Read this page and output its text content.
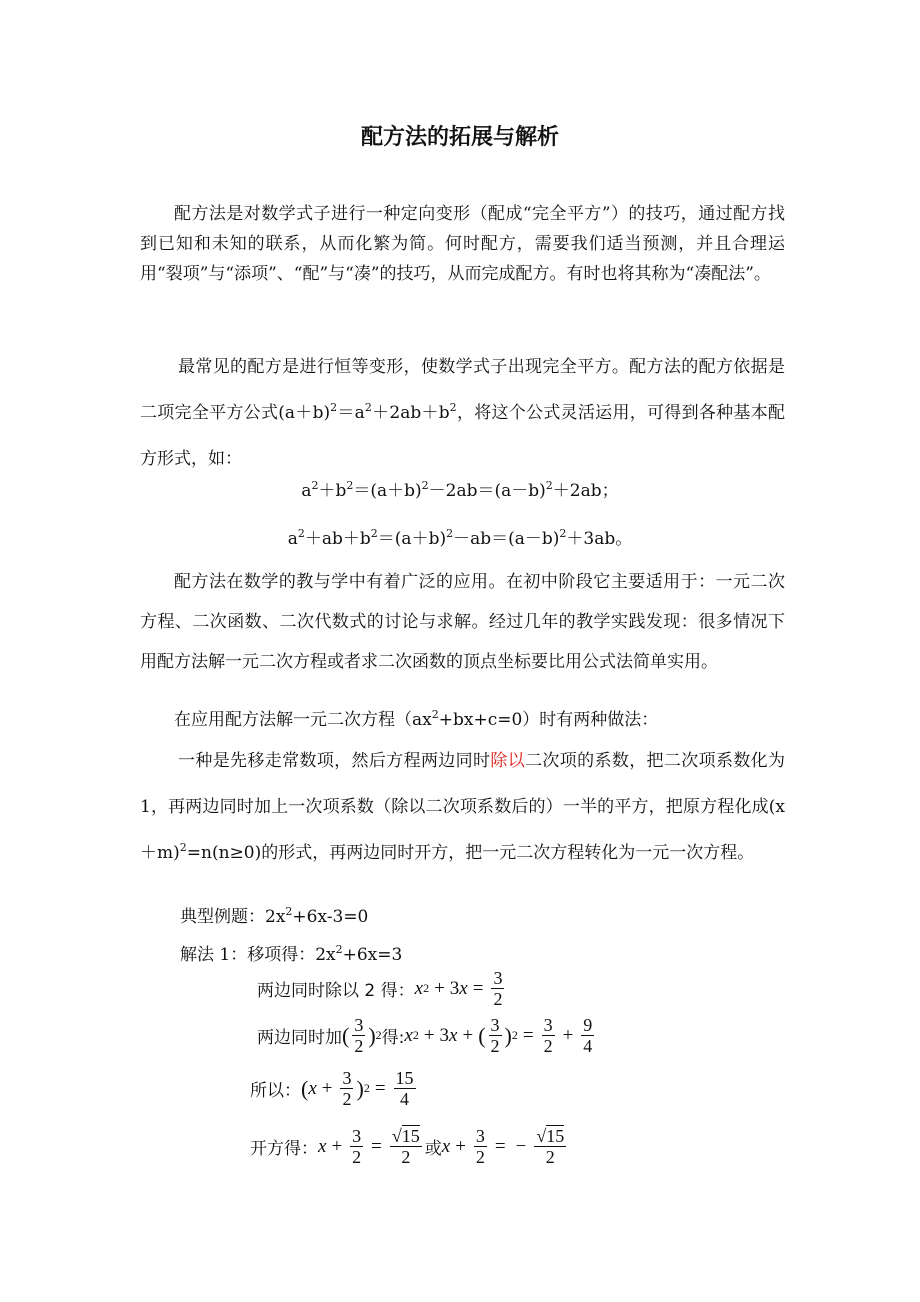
配方法的拓展与解析

配方法是对数学式子进行一种定向变形（配成“完全平方”）的技巧，通过配方找到已知和未知的联系，从而化繁为简。何时配方，需要我们适当预测，并且合理运用“裂项”与“添项”、“配”与“凑”的技巧，从而完成配方。有时也将其称为“凑配法”。

最常见的配方是进行恒等变形，使数学式子出现完全平方。配方法的配方依据是二项完全平方公式$(a+b)^2=a^2+2ab+b^2$，将这个公式灵活运用，可得到各种基本配方形式，如：

$a^2+b^2=(a+b)^2-2ab=(a-b)^2+2ab$；
$a^2+ab+b^2=(a+b)^2-ab=(a-b)^2+3ab$。

配方法在数学的教与学中有着广泛的应用。在初中阶段它主要适用于：一元二次方程、二次函数、二次代数式的讨论与求解。经过几年的教学实践发现：很多情况下用配方法解一元二次方程或者求二次函数的顶点坐标要比用公式法简单实用。

在应用配方法解一元二次方程$(ax^2+bx+c=0)$时有两种做法：

一种是先移走常数项，然后方程两边同时除以二次项的系数，把二次项系数化为1，再两边同时加上一次项系数（除以二次项系数后的）一半的平方，把原方程化成$(x+m)^2=n(n\ge 0)$的形式，再两边同时开方，把一元二次方程转化为一元一次方程。

典型例题：$2x^2+6x-3=0$
解法 1：移项得：$2x^2+6x=3$
两边同时除以 2 得： x 2 + 3 $x = \frac{3}{2}$
两边同时加 ( $\frac{3}{2}$ ) 2 得: x 2 + 3 x + ( $\frac{3}{2}$ ) $2 = \frac{3}{2} + \frac{9}{4}$
所以： ( $x + \frac{3}{2}$ ) $2 = \frac{15}{4}$
开方得： $x + \frac{3}{2} = \frac{√15}{2}$ 或 $x + \frac{3}{2}$ = − $\frac{√15}{2}$
